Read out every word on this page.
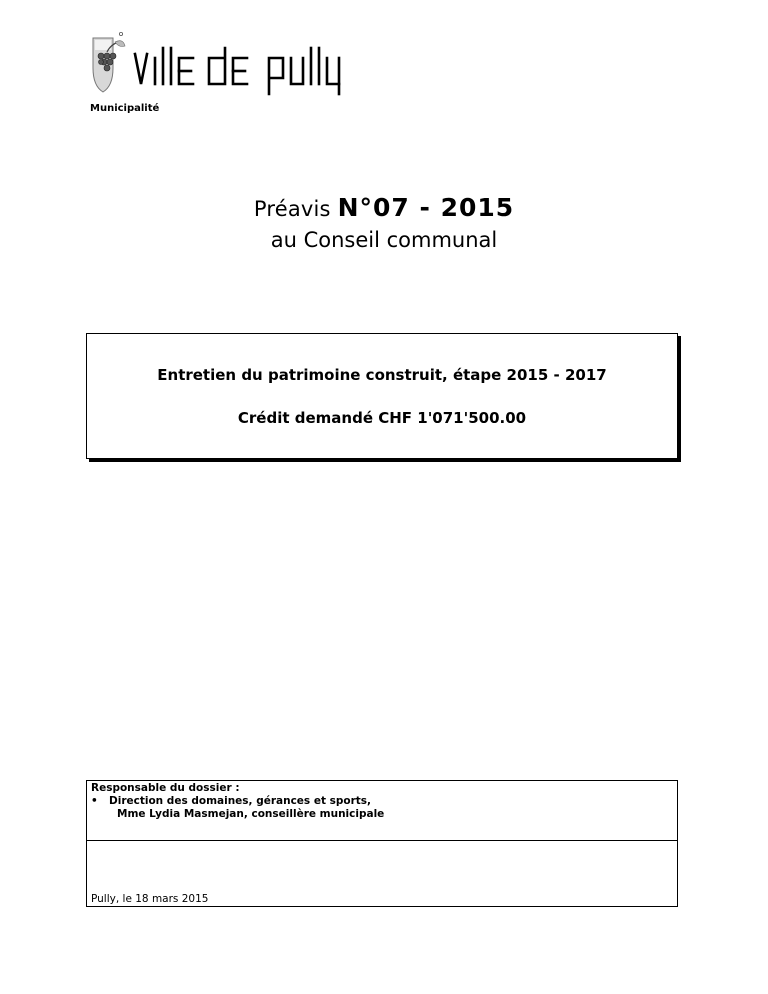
Municipalité
Préavis N°07 - 2015
au Conseil communal
Entretien du patrimoine construit, étape 2015 - 2017
Crédit demandé CHF 1'071'500.00
Responsable du dossier :
• Direction des domaines, gérances et sports,
Mme Lydia Masmejan, conseillère municipale
Pully, le 18 mars 2015
